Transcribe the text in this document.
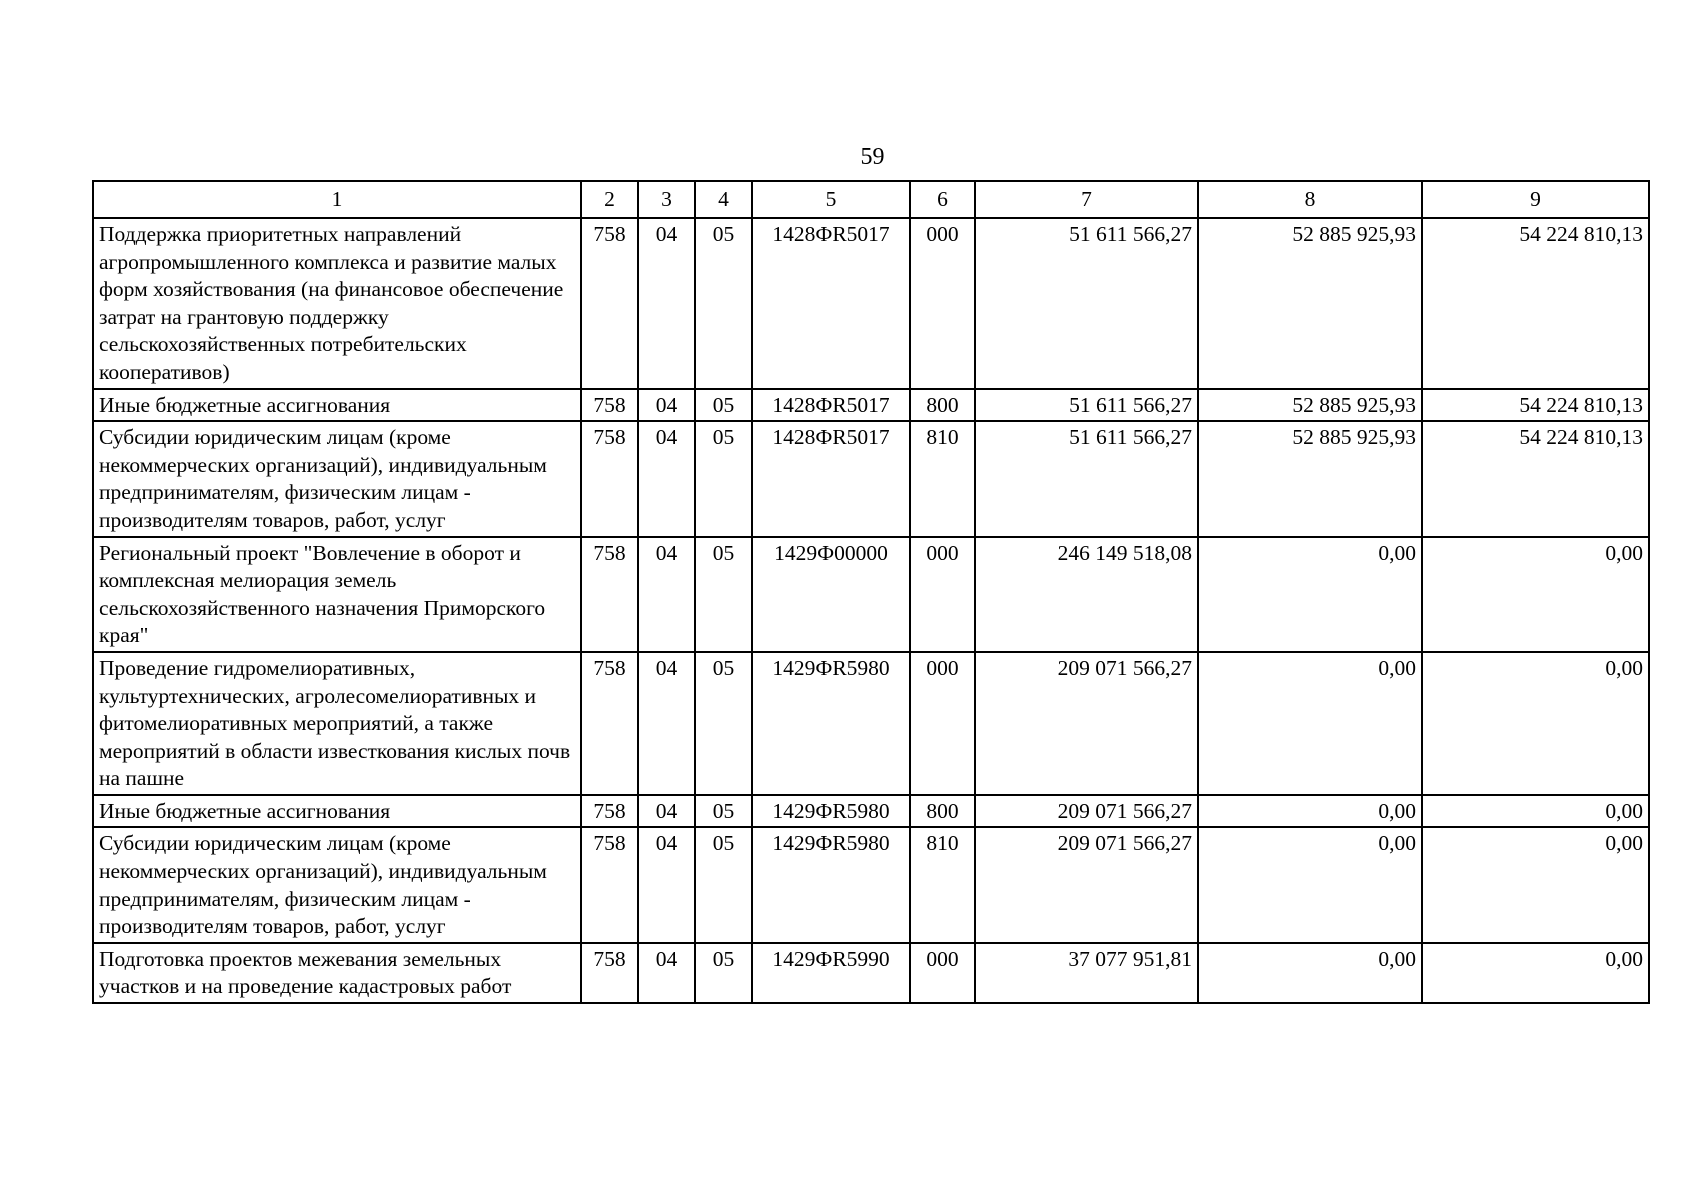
59
1	2	3	4	5	6	7	8	9
Поддержка приоритетных направлений агропромышленного комплекса и развитие малых форм хозяйствования (на финансовое обеспечение затрат на грантовую поддержку сельскохозяйственных потребительских кооперативов)	758	04	05	1428ФR5017	000	51 611 566,27	52 885 925,93	54 224 810,13
Иные бюджетные ассигнования	758	04	05	1428ФR5017	800	51 611 566,27	52 885 925,93	54 224 810,13
Субсидии юридическим лицам (кроме некоммерческих организаций), индивидуальным предпринимателям, физическим лицам - производителям товаров, работ, услуг	758	04	05	1428ФR5017	810	51 611 566,27	52 885 925,93	54 224 810,13
Региональный проект "Вовлечение в оборот и комплексная мелиорация земель сельскохозяйственного назначения Приморского края"	758	04	05	1429Ф00000	000	246 149 518,08	0,00	0,00
Проведение гидромелиоративных, культуртехнических, агролесомелиоративных и фитомелиоративных мероприятий, а также мероприятий в области известкования кислых почв на пашне	758	04	05	1429ФR5980	000	209 071 566,27	0,00	0,00
Иные бюджетные ассигнования	758	04	05	1429ФR5980	800	209 071 566,27	0,00	0,00
Субсидии юридическим лицам (кроме некоммерческих организаций), индивидуальным предпринимателям, физическим лицам - производителям товаров, работ, услуг	758	04	05	1429ФR5980	810	209 071 566,27	0,00	0,00
Подготовка проектов межевания земельных участков и на проведение кадастровых работ	758	04	05	1429ФR5990	000	37 077 951,81	0,00	0,00
